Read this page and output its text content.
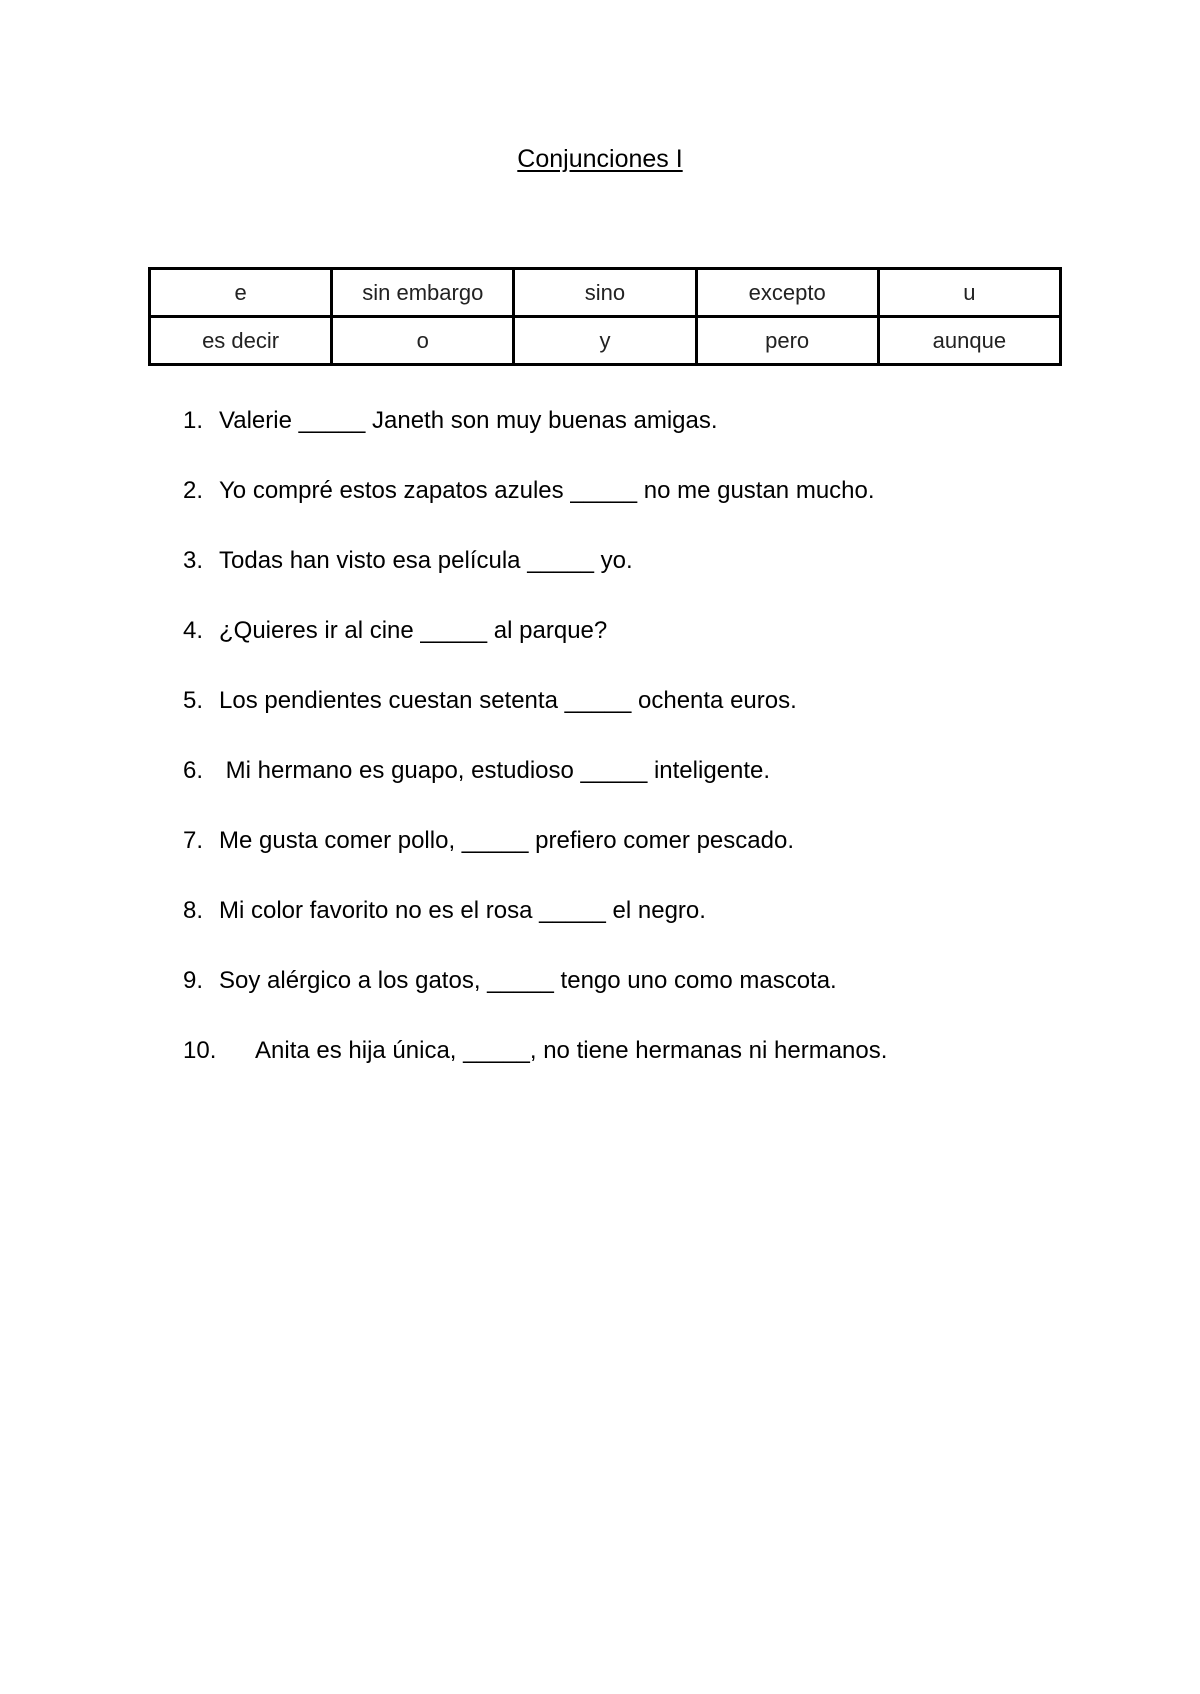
Conjunciones I
e	sin embargo	sino	excepto	u
es decir	o	y	pero	aunque
1. Valerie _____ Janeth son muy buenas amigas.
2. Yo compré estos zapatos azules _____ no me gustan mucho.
3. Todas han visto esa película _____ yo.
4. ¿Quieres ir al cine _____ al parque?
5. Los pendientes cuestan setenta _____ ochenta euros.
6. Mi hermano es guapo, estudioso _____ inteligente.
7. Me gusta comer pollo, _____ prefiero comer pescado.
8. Mi color favorito no es el rosa _____ el negro.
9. Soy alérgico a los gatos, _____ tengo uno como mascota.
10. Anita es hija única, _____, no tiene hermanas ni hermanos.
